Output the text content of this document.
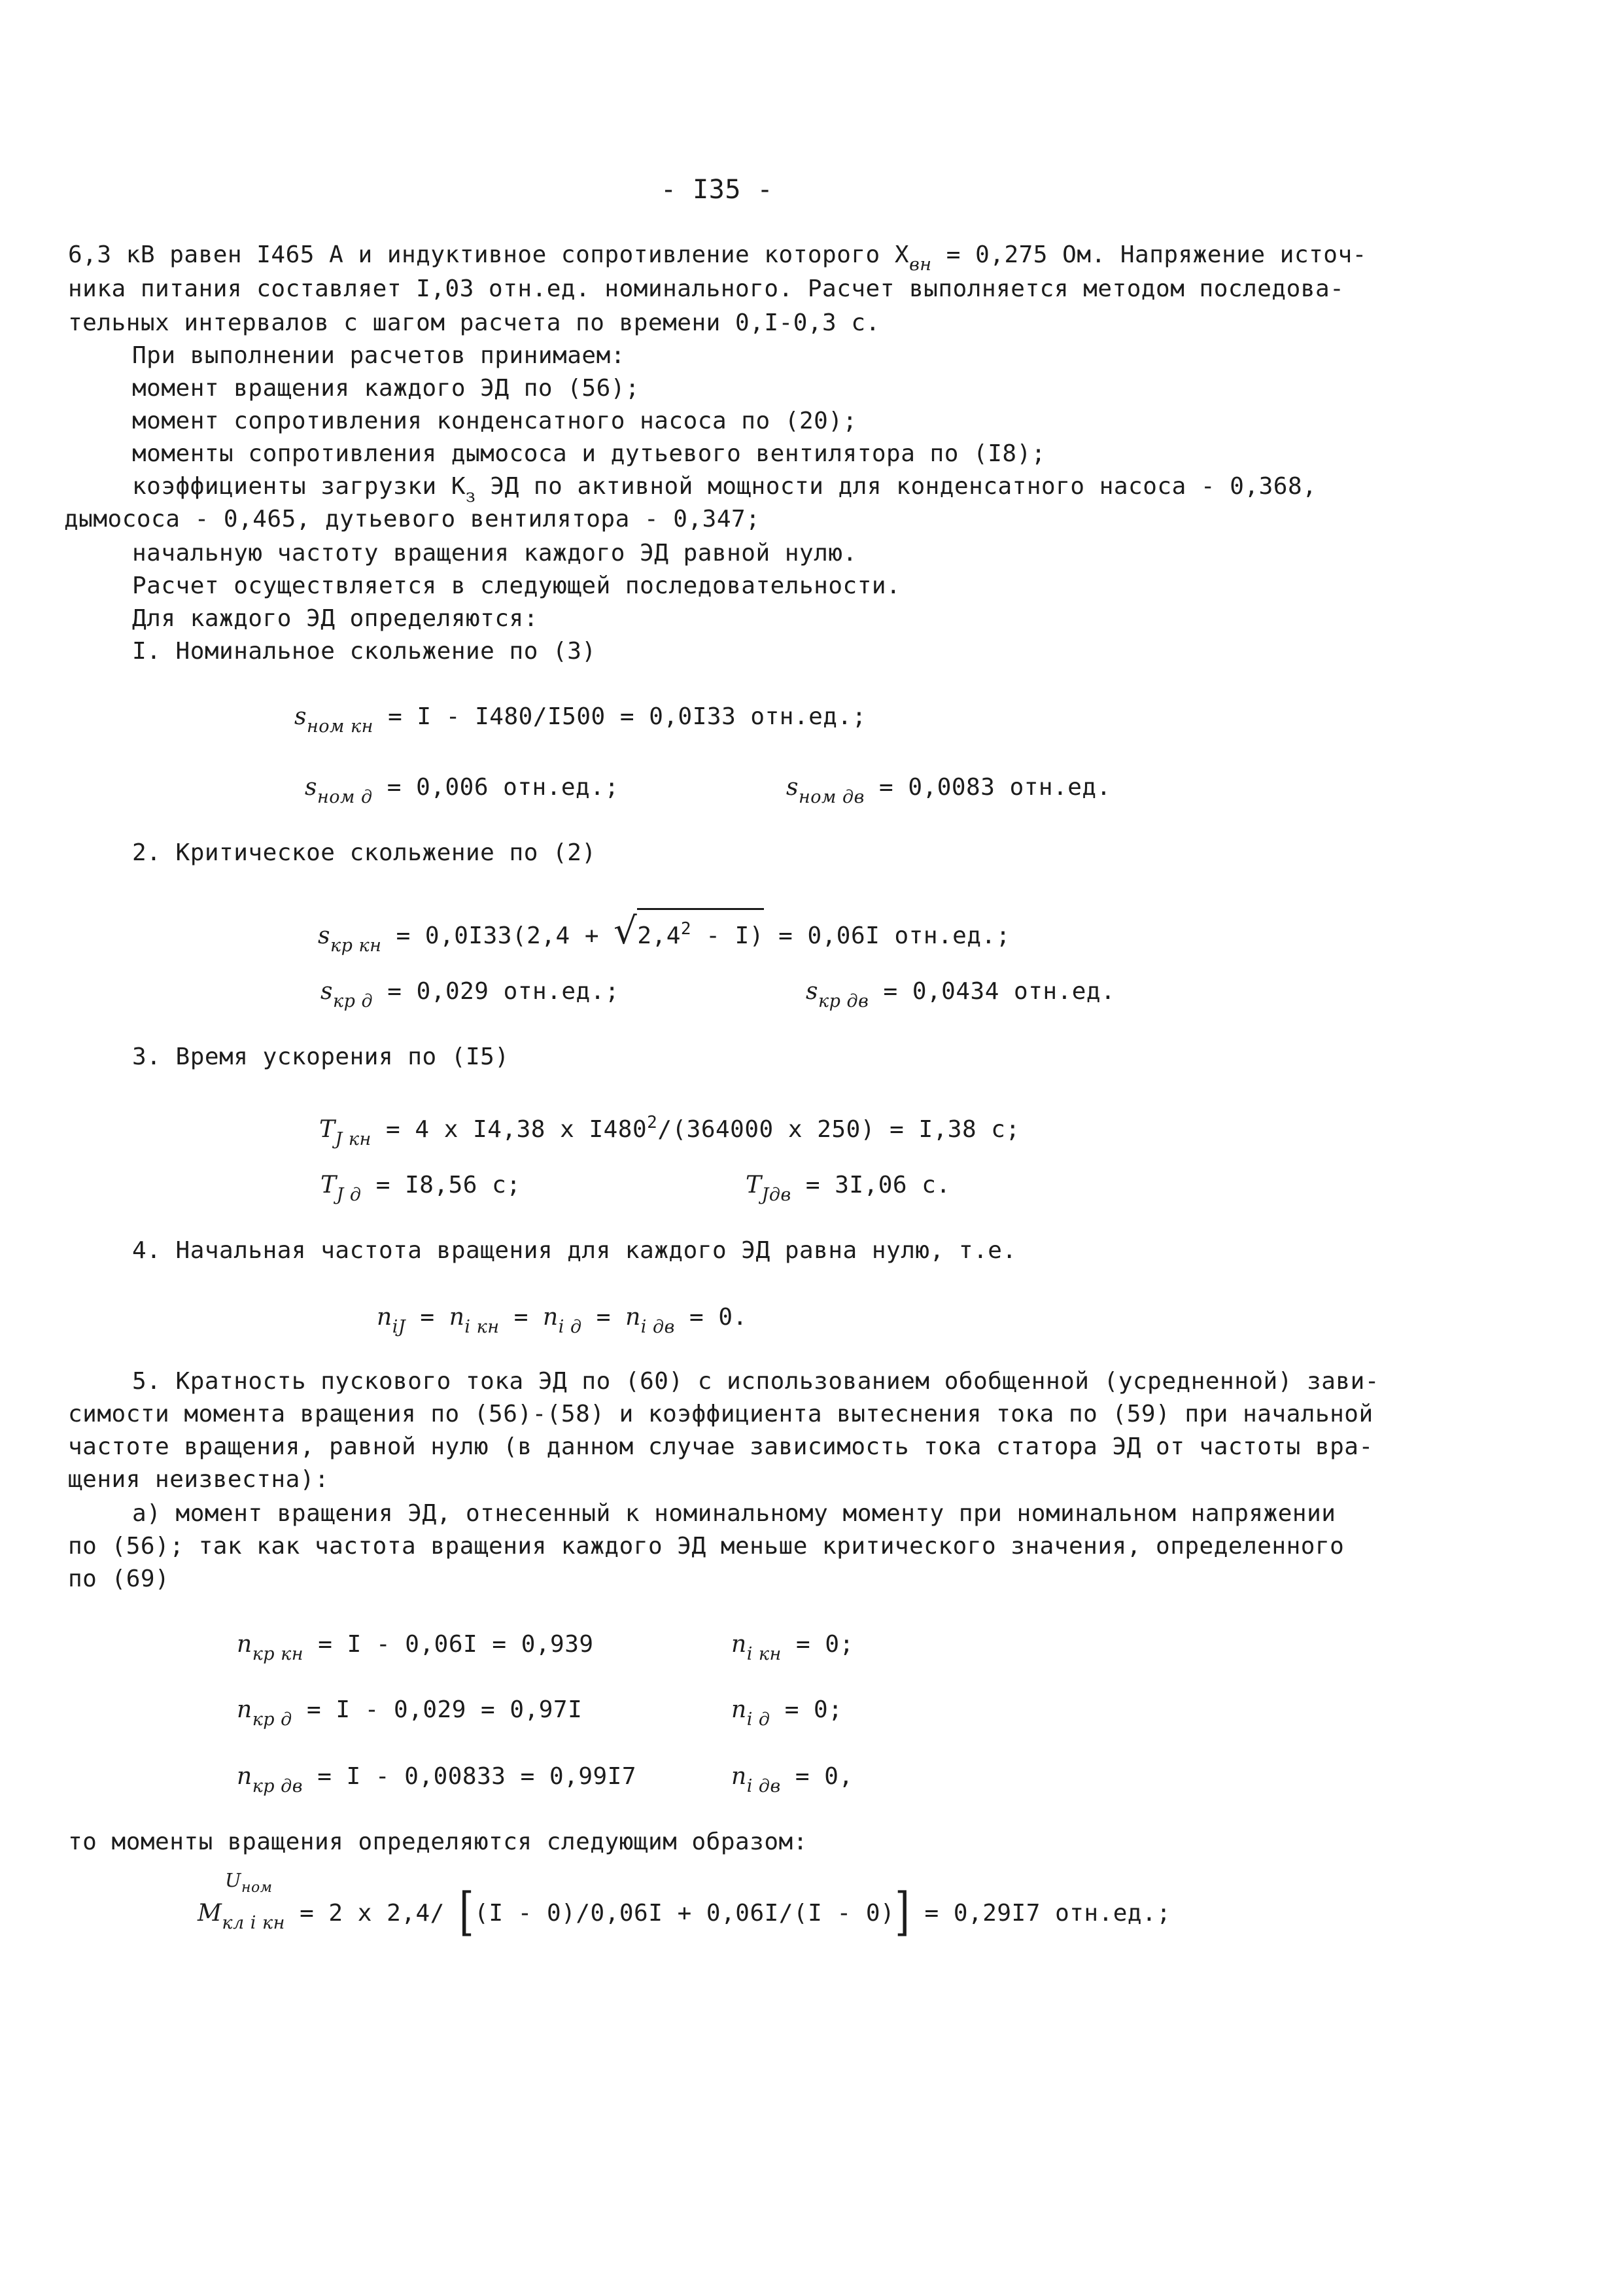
- I35 -
6,3 кВ равен I465 А и индуктивное сопротивление которого $Х_{вн} = 0,275$ Ом. Напряжение источ-
ника питания составляет I,03 отн.ед. номинального. Расчет выполняется методом последова-
тельных интервалов с шагом расчета по времени 0,I-0,3 с.
При выполнении расчетов принимаем:
момент вращения каждого ЭД по (56);
момент сопротивления конденсатного насоса по (20);
моменты сопротивления дымососа и дутьевого вентилятора по (I8);
коэффициенты загрузки $К_з$ ЭД по активной мощности для конденсатного насоса - 0,368,
дымососа - 0,465, дутьевого вентилятора - 0,347;
начальную частоту вращения каждого ЭД равной нулю.
Расчет осуществляется в следующей последовательности.
Для каждого ЭД определяются:
I. Номинальное скольжение по (3)
$s_{ном кн} = I - I480/I500 = 0,0I33$ отн.ед.;
$s_{ном д} = 0,006$ отн.ед.;	$s_{ном дв} = 0,0083$ отн.ед.
2. Критическое скольжение по (2)
$s_{кр кн} = 0,0I33(2,4$ + √
$2,4^2 - I) = 0,06I$ отн.ед.;
$s_{кр д} = 0,029$ отн.ед.;	$s_{кр дв} = 0,0434$ отн.ед.
3. Время ускорения по (I5)
$T_{J кн} = 4$ x I4,38 x $I480^2/(364000$ x 250) = I,38 с;
$T_{J д} = I8,56$ с;	$T_{Jдв} = 3I,06$ с.
4. Начальная частота вращения для каждого ЭД равна нулю, т.е.
$n_{iJ} = n_{i кн} = n_{i д} = n_{i дв} = 0$.
5. Кратность пускового тока ЭД по (60) с использованием обобщенной (усредненной) зави-
симости момента вращения по (56)-(58) и коэффициента вытеснения тока по (59) при начальной
частоте вращения, равной нулю (в данном случае зависимость тока статора ЭД от частоты вра-
щения неизвестна):
а) момент вращения ЭД, отнесенный к номинальному моменту при номинальном напряжении
по (56); так как частота вращения каждого ЭД меньше критического значения, определенного
по (69)
$n_{кр кн} = I - 0,06I = 0,939$	$n_{i кн} = 0$;
$n_{кр д} = I - 0,029 = 0,97I$	$n_{i д} = 0$;
$n_{кр дв} = I - 0,00833 = 0,99I7$	$n_{i дв} = 0$,
то моменты вращения определяются следующим образом:
$U_{ном}$
$M_{кл i кн} = 2$ x 2,4/ [(I - 0)/0,06I + 0,06I/(I - 0)] = 0,29I7 отн.ед.;
